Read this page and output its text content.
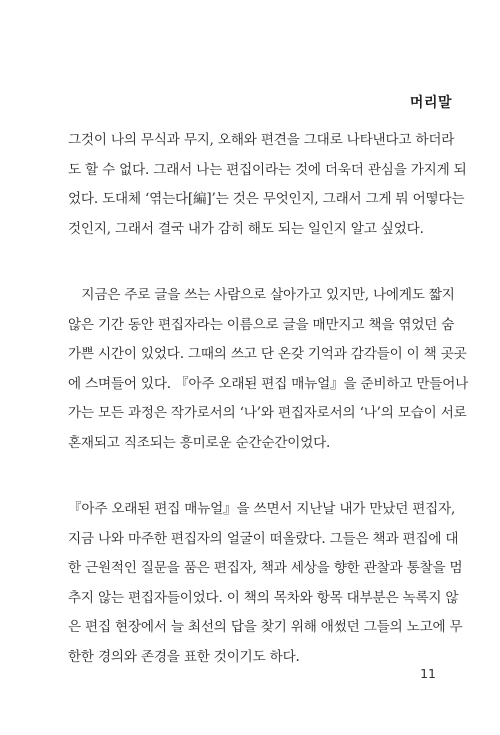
머리말

그것이 나의 무식과 무지, 오해와 편견을 그대로 나타낸다고 하더라
도 할 수 없다. 그래서 나는 편집이라는 것에 더욱더 관심을 가지게 되
었다. 도대체 ‘엮는다[編]’는 것은 무엇인지, 그래서 그게 뭐 어떻다는
것인지, 그래서 결국 내가 감히 해도 되는 일인지 알고 싶었다.

　지금은 주로 글을 쓰는 사람으로 살아가고 있지만, 나에게도 짧지
않은 기간 동안 편집자라는 이름으로 글을 매만지고 책을 엮었던 숨
가쁜 시간이 있었다. 그때의 쓰고 단 온갖 기억과 감각들이 이 책 곳곳
에 스며들어 있다. 『아주 오래된 편집 매뉴얼』을 준비하고 만들어나
가는 모든 과정은 작가로서의 ‘나’와 편집자로서의 ‘나’의 모습이 서로
혼재되고 직조되는 흥미로운 순간순간이었다.

『아주 오래된 편집 매뉴얼』을 쓰면서 지난날 내가 만났던 편집자,
지금 나와 마주한 편집자의 얼굴이 떠올랐다. 그들은 책과 편집에 대
한 근원적인 질문을 품은 편집자, 책과 세상을 향한 관찰과 통찰을 멈
추지 않는 편집자들이었다. 이 책의 목차와 항목 대부분은 녹록지 않
은 편집 현장에서 늘 최선의 답을 찾기 위해 애썼던 그들의 노고에 무
한한 경의와 존경을 표한 것이기도 하다.

11
